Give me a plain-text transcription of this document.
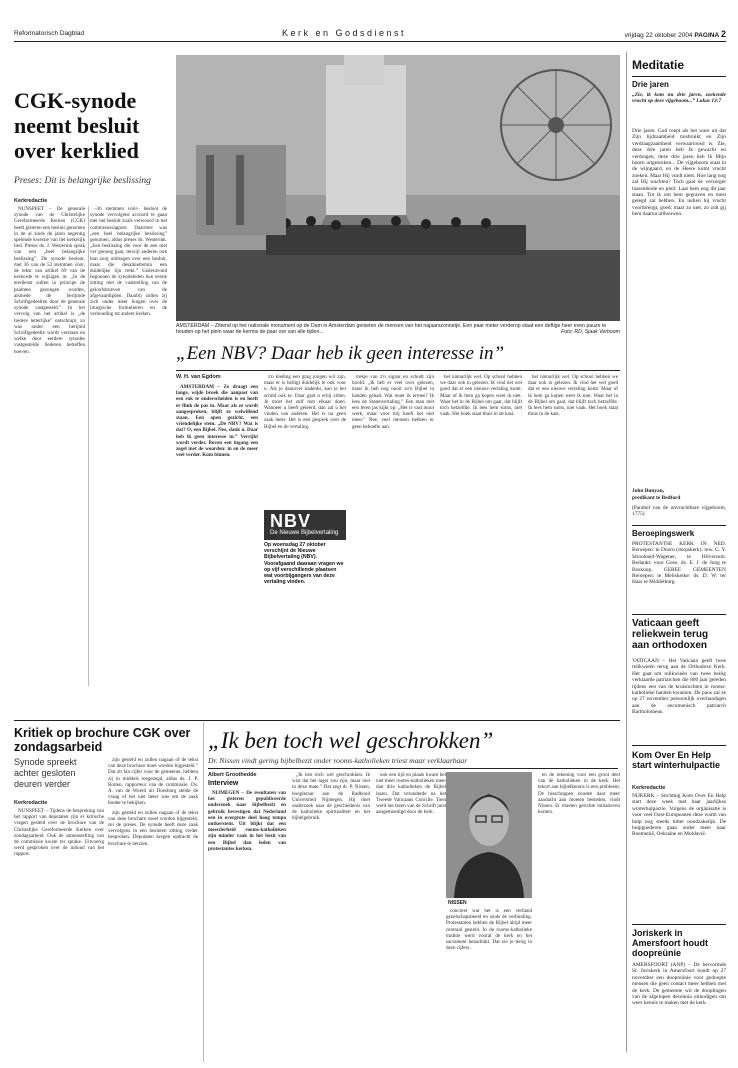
Reformatorisch Dagblad	Kerk en Godsdienst	vrijdag 22 oktober 2004 PAGINA 2
CGK-synode neemt besluit over kerklied
Preses: Dit is belangrijke beslissing
Kerkredactie

NUNSPEET – De generale synode van de Christelijke Gereformeerde Kerken (CGK) heeft gisteren een besluit genomen in de al sinds de jaren negentig spelende kwestie van het kerkelijk lied. Preses ds. J. Westerink sprak van een „heel belangrijke beslissing”. De synode besloot, met 36 van de 52 stemmen vóór, de tekst van artikel 69 van de kerkorde te wijzigen in: „In de eredienst zullen in principe de psalmen gezongen worden, alsmede de berijmde Schriftgedeelten door de generale synode vastgesteld.” In het vervolg van het artikel is „de liedere letterlijke” ontschrapt, zo was onder een berijmd Schriftgedeelte wordt verstaan en welke door eerdere synodes vastgestelde liederen betreffen hoeven.

–36 stemmen vóór– besloot de synode vervolgens accoord te gaan met het besluit zoals verwoord in het commissierapport. Daarmee was „een heel belangrijke beslissing” genomen, aldus preses ds. Westerink. „Een beslissing die voor de een niet ver genoeg gaat, terwijl anderen ook hun zorg uitdragen over een besluit, maar die desalniettemin een duidelijke lijn trekt.” Gisteravond begonnen de synodeleden hun eerste zitting met de vaststelling van de geloofsbrieven van de afgevaardigden. Daarbij zullen zij zich onder meer buigen over de liturgische formulieren en de verhouding tot andere kerken.

AMSTERDAM – Zittend op het nationale monument op de Dam in Amsterdam genieten de mensen van het najaarszonnetje. Een paar meter verderop staat een deftige heer even pauze te houden op het plein waar de kermis de paar ore van alle tijden...	Foto: RD, Sjaak Verboom
„Een NBV? Daar heb ik geen interesse in”
W. H. van Egdom

AMSTERDAM – Ze draagt een lange, wijde broek die aanpast van een rok te onderscheiden is en heeft er flink de pas in. Maar als ze wordt aangesproken, blijft ze welwillend staan. Een open gezicht, een vriendelijke stem. „De NBV? Wat is dat? O, een Bijbel. Nee, dank u. Daar heb ik geen interesse in.” Verrijkt wordt verder. Boven een ingang een zegel met de woorden: in en de meer veel verder. Kom binnen.

z'n kleding een grag jongen wil zijn, maar er is helligt duidelijk te ook voor u. Als je daarover nadenkt, kan je het schild ook te. Daar gaat u erbij zitten. Je moet het zelf met elkaar doen. Wanneer u heeft geleerd, dan zal u het vinden van anderen. Het is nu geen zaak meer. Het is een gesprek over de Bijbel en de vertaling.

trekje van z'n sigaar en schudt zijn hoofd. „Ik heb er veel over gelezen, maar ik heb nog nooit zo'n Bijbel in handen gehad. Wat moet ik ermee? Ik lees de Statenvertaling.” Een man met een leren jas kijkt op: „Het is vast mooi werk, maar voor mij hoeft het niet meer.” Nee, veel mensen hebben er geen behoefte aan.

hel natuurlijk wel. Op school hebben we daar ook in gelezen. Ik vind het wel goed dat er een nieuwe vertaling komt. Maar of ik hem ga kopen weet ik niet. Waar het in de Bijbel om gaat, dat blijft toch hetzelfde. Ik lees hem soms, niet vaak. Het boek staat thuis in de kast.

hel natuurlijk wel. Op school hebben we daar ook in gelezen. Ik vind het wel goed dat er een nieuwe vertaling komt. Maar of ik hem ga kopen weet ik niet. Waar het in de Bijbel om gaat, dat blijft toch hetzelfde. Ik lees hem soms, niet vaak. Het boek staat thuis in de kast.

NBV
De Nieuwe Bijbelvertaling
Op woensdag 27 oktober verschijnt de Nieuwe Bijbelvertaling (NBV). Voorafgaand daaraan vragen we op vijf verschillende plaatsen wat voorbijgangers van deze vertaling vinden.
Meditatie
Drie jaren
„Zie, ik kom nu drie jaren, zoekende vrucht op deze vijgeboom...” Lukas 13:7
Drie jaren. God roept als het ware uit dat Zijn lijdzaamheid misbruikt en Zijn verdraagzaamheid verwaarloosd is. Zie, deze drie jaren heb Ik gewacht en verdragen, deze drie jaren heb Ik Mijn hoorn uitgestoken... De vijgeboom staat in de wijngaard, en de Heere komt vrucht zoeken. Maar Hij vindt niets. Hoe lang nog zal Hij wachten? Toch gaat de verzorger tussenbeide en pleit: Laat hem nog dit jaar staan. Tot ik om hem gegraven en mest gelegd zal hebben. En indien hij vrucht voortbrengt, goed; maar zo niet, zo zult gij hem daarna uithouwen.
John Bunyan,
predikant te Bedford
(Parabel van de onvruchtbare vijgeboom, 1775)
Beroepingswerk
PROTESTANTSE KERK IN NED. Beroepen: te Doorn (dorpskerk): mw. G. Y. Strooband-Wagener, te Hilversum. Bedankt: voor Goes: ds. E. J. de Jong te Boskoop. GEREF. GEMEENTEN Beroepen: te Meliskerke: ds. D. W. ter Haar te Middelburg.
Vaticaan geeft reliekwein terug aan orthodoxen
VATICAAN – Het Vaticaan geeft twee relikwieën terug aan de Orthodoxe Kerk. Het gaat om relikwieën van twee heilig verklaarde patriarchen die 800 jaar geleden tijdens een van de kruistochten in rooms-katholieke handen kwamen. De paus zal ze op 27 november persoonlijk overhandigen aan de oecumenisch patriarch Bartholomeus.
Kritiek op brochure CGK over zondagsarbeid
Synode spreekt achter gesloten deuren verder
Kerkredactie

NUNSPEET – Tijdens de bespreking van het rapport van deputaten zijn er kritische vragen gesteld over de brochure van de Christelijke Gereformeerde Kerken over zondagsarbeid. Ook de samenstelling van de commissie kwam ter sprake. Uitvoerig werd gesproken over de inhoud van het rapport.

zijn gesteld en zullen nagaan of de tekst van deze brochure moet worden bijgesteld.” Dat zit fan cijfer voor de gemeente, hebben zij in middels toegezegd, aldus ds. J. P. Boiten, rapporteur van de commissie. Ds. A. van de Woerd uit Doesburg stelde de vraag of het niet beter was om de zaak breder te bekijken.

zijn gesteld en zullen nagaan of de tekst van deze brochure moet worden bijgesteld, zei de preses. De synode heeft deze zaak vervolgens in een besloten zitting verder besproken. Deputaten kregen opdracht de brochure te herzien.

„Ik ben toch wel geschrokken”
Dr. Nissen vindt gering bijbelbezit onder rooms-katholieken triest maar verklaarbaar
Albert Groothedde
Interview

NIJMEGEN – De resultaten van het gisteren gepubliceerde onderzoek naar bijbelbezit en gebruik bevestigen dat Nederland een in overgrote deel hoog tempo ontkerstent. Uit blijkt dat een meerderheid rooms-katholieken zijn minder vaak in het bezit van een Bijbel dan leden van protestantse kerken.

„Ik ben toch wel geschrokken. Ik wist dat het lager zou zijn, maar niet in deze mate.” Dat zegt dr. P. Nissen, hoogleraar aan de Radboud Universiteit Nijmegen. Hij doet onderzoek naar de geschiedenis van de katholieke spiritualiteit en het bijbelgebruik.

ook een tijd en plaats kwam het niet meer rooms-katholieken meer dan drie katholieken de Bijbel lazen. Dat veranderde na het Tweede Vaticaans Concilie. Toen werd het lezen van de Schrift juist aangemoedigd door de kerk.

NISSEN

concreet wat het is een verband gezelschapsbeeld en sinds de verbinding. Protestanten hebben de Bijbel altijd meer centraal gesteld. In de rooms-katholieke traditie werd vooral de kerk en het sacrament benadrukt. Dat zie je terug in deze cijfers.

en de rekening voor een groot deel van de katholieken in de kerk. Het tekort aan bijbelkennis is een probleem. De bisschoppen zouden daar meer aandacht aan moeten besteden, vindt Nissen. Er moeten gerichte initiatieven komen.

Kom Over En Help start winterhulpactie
Kerkredactie
NIJKERK – Stichting Kom Over En Help start deze week met haar jaarlijkse winterhulpactie. Volgens de organisatie is voor veel Oost-Europeanen deze warm van hulp nog steeds bitter noodzakelijk. De hulpgoederen gaan onder meer naar Roemenië, Oekraïne en Moldavië.
Joriskerk in Amersfoort houdt doopreünie
AMERSFOORT (ANP) – De hervormde St. Joriskerk in Amersfoort houdt op 27 november een doopreünie voor gedoopte mensen die geen contact meer hebben met de kerk. De gemeente wil de dooplingen van de afgelopen decennia uitnodigen om weer kennis te maken met de kerk.
